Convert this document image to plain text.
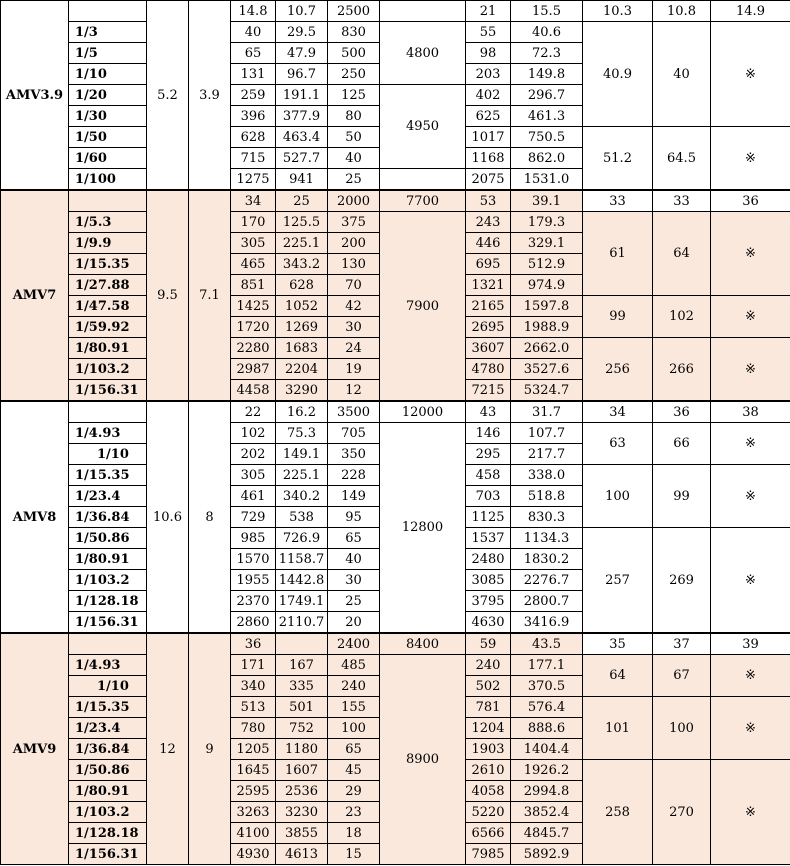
AMV3.9		5.2	3.9	14.8	10.7	2500		21	15.5	10.3	10.8	14.9
	1/3			40	29.5	830	4800	55	40.6	40.9	40	※
	1/5			65	47.9	500		98	72.3			
	1/10			131	96.7	250		203	149.8			
	1/20			259	191.1	125	4950	402	296.7			
	1/30			396	377.9	80		625	461.3			
	1/50			628	463.4	50		1017	750.5	51.2	64.5	※
	1/60			715	527.7	40		1168	862.0			
	1/100			1275	941	25		2075	1531.0			
AMV7		9.5	7.1	34	25	2000	7700	53	39.1	33	33	36
	1/5.3			170	125.5	375	7900	243	179.3	61	64	※
	1/9.9			305	225.1	200		446	329.1			
	1/15.35			465	343.2	130		695	512.9			
	1/27.88			851	628	70		1321	974.9			
	1/47.58			1425	1052	42		2165	1597.8	99	102	※
	1/59.92			1720	1269	30		2695	1988.9			
	1/80.91			2280	1683	24		3607	2662.0	256	266	※
	1/103.2			2987	2204	19		4780	3527.6			
	1/156.31			4458	3290	12		7215	5324.7			
AMV8		10.6	8	22	16.2	3500	12000	43	31.7	34	36	38
	1/4.93			102	75.3	705	12800	146	107.7	63	66	※
	1/10			202	149.1	350		295	217.7			
	1/15.35			305	225.1	228		458	338.0	100	99	※
	1/23.4			461	340.2	149		703	518.8			
	1/36.84			729	538	95		1125	830.3			
	1/50.86			985	726.9	65		1537	1134.3	257	269	※
	1/80.91			1570	1158.7	40		2480	1830.2			
	1/103.2			1955	1442.8	30		3085	2276.7			
	1/128.18			2370	1749.1	25		3795	2800.7			
	1/156.31			2860	2110.7	20		4630	3416.9			
AMV9		12	9	36		2400	8400	59	43.5	35	37	39
	1/4.93			171	167	485	8900	240	177.1	64	67	※
	1/10			340	335	240		502	370.5			
	1/15.35			513	501	155		781	576.4	101	100	※
	1/23.4			780	752	100		1204	888.6			
	1/36.84			1205	1180	65		1903	1404.4			
	1/50.86			1645	1607	45		2610	1926.2	258	270	※
	1/80.91			2595	2536	29		4058	2994.8			
	1/103.2			3263	3230	23		5220	3852.4			
	1/128.18			4100	3855	18		6566	4845.7			
	1/156.31			4930	4613	15		7985	5892.9			
